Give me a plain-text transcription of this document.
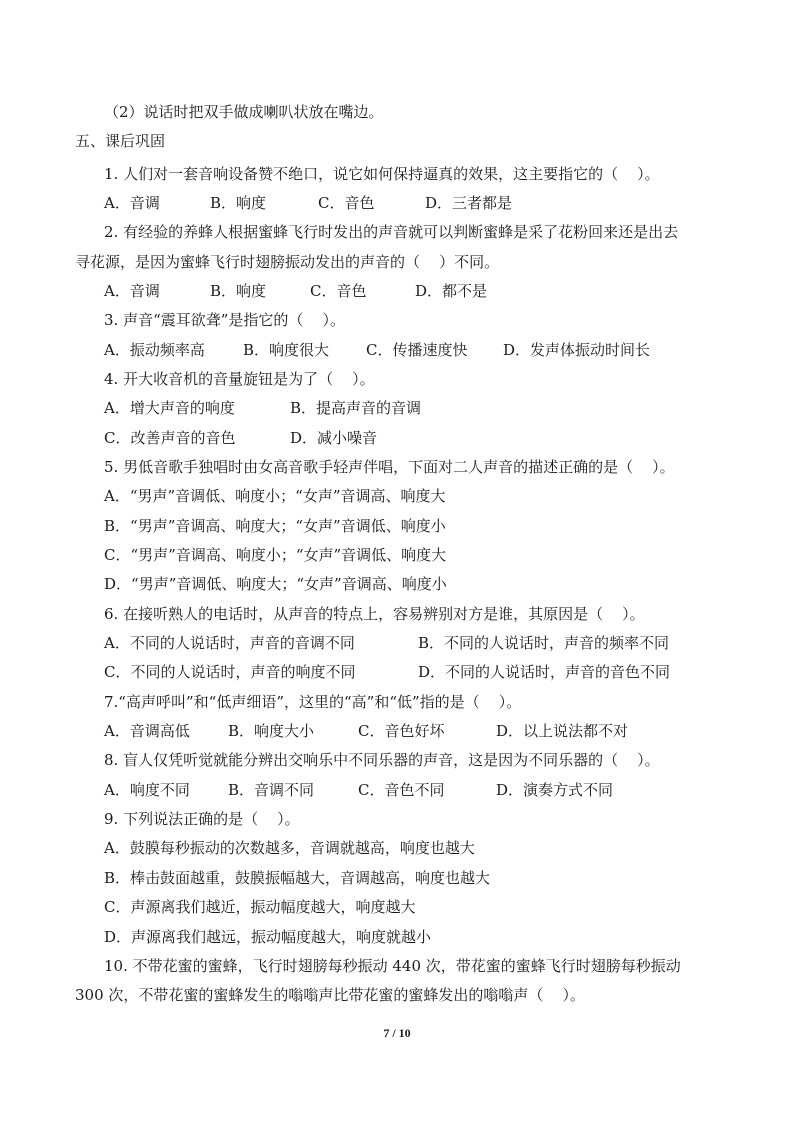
（2）说话时把双手做成喇叭状放在嘴边。

五、课后巩固

1. 人们对一套音响设备赞不绝口，说它如何保持逼真的效果，这主要指它的（    ）。

A．音调

	B．响度

	C．音色

	D．三者都是

2. 有经验的养蜂人根据蜜蜂飞行时发出的声音就可以判断蜜蜂是采了花粉回来还是出去

寻花源，是因为蜜蜂飞行时翅膀振动发出的声音的（    ）不同。

A．音调

	B．响度

	C．音色

	D．都不是

3. 声音“震耳欲聋”是指它的（    ）。

A．振动频率高

	B．响度很大

C．传播速度快

D．发声体振动时间长

4. 开大收音机的音量旋钮是为了（    ）。

A．增大声音的响度

	B．提高声音的音调

C．改善声音的音色

	D．减小噪音

5. 男低音歌手独唱时由女高音歌手轻声伴唱，下面对二人声音的描述正确的是（    ）。

A．“男声”音调低、响度小；“女声”音调高、响度大

B．“男声”音调高、响度大；“女声”音调低、响度小

C．“男声”音调高、响度小；“女声”音调低、响度大

D．“男声”音调低、响度大；“女声”音调高、响度小

6. 在接听熟人的电话时，从声音的特点上，容易辨别对方是谁，其原因是（    ）。

A．不同的人说话时，声音的音调不同

	B．不同的人说话时，声音的频率不同

C．不同的人说话时，声音的响度不同

	D．不同的人说话时，声音的音色不同

7.“高声呼叫”和“低声细语”，这里的“高”和“低”指的是（    ）。

A．音调高低

	B．响度大小

	C．音色好坏

	D．以上说法都不对

8. 盲人仅凭听觉就能分辨出交响乐中不同乐器的声音，这是因为不同乐器的（    ）。

A．响度不同

	B．音调不同

	C．音色不同

	D．演奏方式不同

9. 下列说法正确的是（    ）。

A．鼓膜每秒振动的次数越多，音调就越高，响度也越大

B．棒击鼓面越重，鼓膜振幅越大，音调越高，响度也越大

C．声源离我们越近，振动幅度越大，响度越大

D．声源离我们越远，振动幅度越大，响度就越小

10. 不带花蜜的蜜蜂，飞行时翅膀每秒振动 440 次，带花蜜的蜜蜂飞行时翅膀每秒振动

300 次，不带花蜜的蜜蜂发生的嗡嗡声比带花蜜的蜜蜂发出的嗡嗡声（    ）。

7 / 10
